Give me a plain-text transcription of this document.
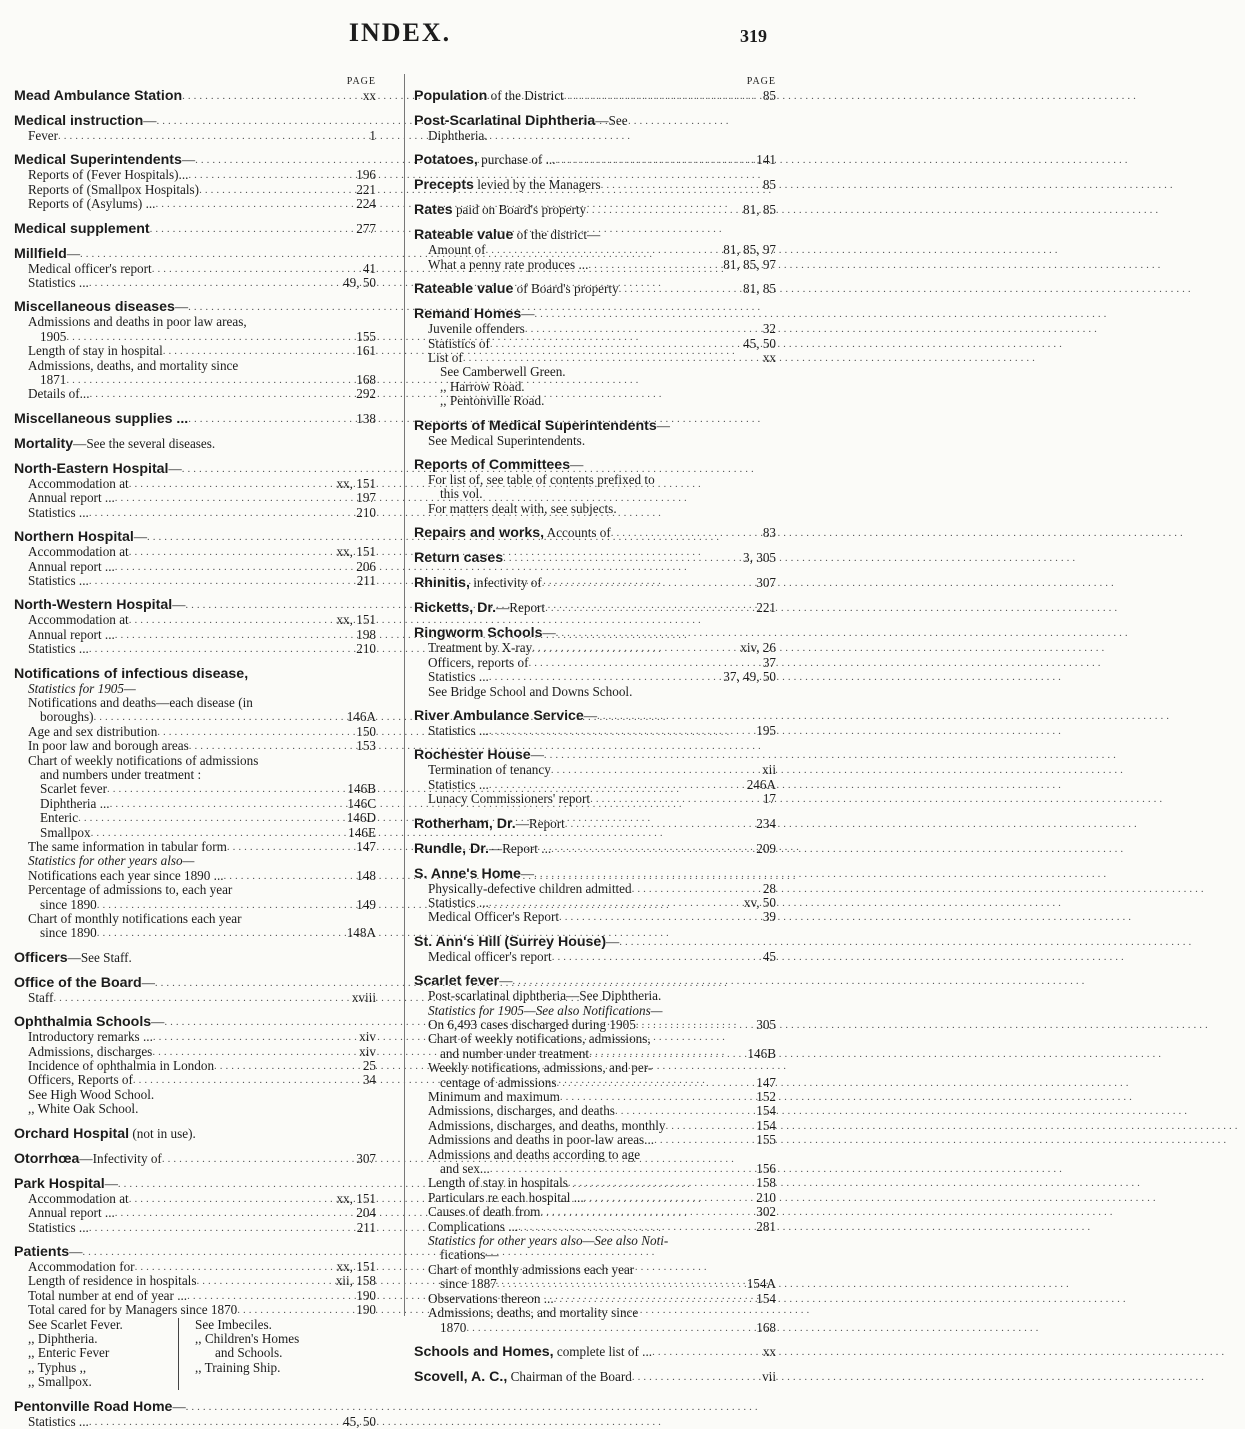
INDEX.	319
PAGE
Mead Ambulance Station .....	xx
Medical instruction—
.....
Fever .....	1
Medical Superintendents—
.....
Reports of (Fever Hospitals)... .....	196
Reports of (Smallpox Hospitals) .....	221
Reports of (Asylums) ... .....	224
Medical supplement .....	277
Millfield—
.....
Medical officer's report .....	41
Statistics ... .....	49, 50
Miscellaneous diseases—
.....
Admissions and deaths in poor law areas,
1905 .....	155
Length of stay in hospital .....	161
Admissions, deaths, and mortality since
1871 .....	168
Details of... .....	292
Miscellaneous supplies ... .....	138
Mortality—See the several diseases.
North-Eastern Hospital—
.....
Accommodation at .....	xx, 151
Annual report ... .....	197
Statistics ... .....	210
Northern Hospital—
.....
Accommodation at .....	xx, 151
Annual report ... .....	206
Statistics ... .....	211
North-Western Hospital—
.....
Accommodation at .....	xx, 151
Annual report ... .....	198
Statistics ... .....	210
Notifications of infectious disease,
Statistics for 1905—
Notifications and deaths—each disease (in
boroughs) .....	146A
Age and sex distribution .....	150
In poor law and borough areas .....	153
Chart of weekly notifications of admissions
and numbers under treatment :
Scarlet fever .....	146B
Diphtheria ... .....	146C
Enteric .....	146D
Smallpox .....	146E
The same information in tabular form .....	147
Statistics for other years also—
Notifications each year since 1890 ... .....	148
Percentage of admissions to, each year
since 1890 .....	149
Chart of monthly notifications each year
since 1890 .....	148A
Officers—See Staff.
Office of the Board—
.....
Staff .....	xviii
Ophthalmia Schools—
.....
Introductory remarks ... .....	xiv
Admissions, discharges .....	xiv
Incidence of ophthalmia in London .....	25
Officers, Reports of .....	34
See High Wood School.
,, White Oak School.
Orchard Hospital (not in use).
Otorrhœa—Infectivity of .....	307
Park Hospital—
.....
Accommodation at .....	xx, 151
Annual report ... .....	204
Statistics ... .....	211
Patients—
.....
Accommodation for .....	xx, 151
Length of residence in hospitals .....	xii, 158
Total number at end of year ... .....	190
Total cared for by Managers since 1870 .....	190
See Scarlet Fever.
,, Diphtheria.
,, Enteric Fever
,, Typhus ,,
,, Smallpox.
See Imbeciles.
,, Children's Homes
and Schools.
,, Training Ship.
Pentonville Road Home—
.....
Statistics ... .....	45, 50
PAGE
Population of the District .....	85
Post-Scarlatinal Diphtheria—See
Diphtheria.
Potatoes, purchase of ... .....	141
Precepts levied by the Managers .....	85
Rates paid on Board's property .....	81, 85
Rateable value of the district—
Amount of .....	81, 85, 97
What a penny rate produces ... .....	81, 85, 97
Rateable value of Board's property .....	81, 85
Remand Homes—
.....
Juvenile offenders .....	32
Statistics of .....	45, 50
List of .....	xx
See Camberwell Green.
,, Harrow Road.
,, Pentonville Road.
Reports of Medical Superintendents—
See Medical Superintendents.
Reports of Committees—
For list of, see table of contents prefixed to
this vol.
For matters dealt with, see subjects.
Repairs and works, Accounts of .....	83
Return cases .....	3, 305
Rhinitis, infectivity of .....	307
Ricketts, Dr.—Report .....	221
Ringworm Schools—
.....
Treatment by X-ray .....	xiv, 26
Officers, reports of .....	37
Statistics ... .....	37, 49, 50
See Bridge School and Downs School.
River Ambulance Service—
.....
Statistics ... .....	195
Rochester House—
.....
Termination of tenancy .....	xii
Statistics ... .....	246A
Lunacy Commissioners' report .....	17
Rotherham, Dr.—Report .....	234
Rundle, Dr.—Report ... .....	209
S. Anne's Home—
.....
Physically-defective children admitted .....	28
Statistics ... .....	xv, 50
Medical Officer's Report .....	39
St. Ann's Hill (Surrey House)—
.....
Medical officer's report .....	45
Scarlet fever—
.....
Post-scarlatinal diphtheria—See Diphtheria.
Statistics for 1905—See also Notifications—
On 6,493 cases discharged during 1905 .....	305
Chart of weekly notifications, admissions,
and number under treatment .....	146B
Weekly notifications, admissions, and per-
centage of admissions .....	147
Minimum and maximum .....	152
Admissions, discharges, and deaths .....	154
Admissions, discharges, and deaths, monthly .....	154
Admissions and deaths in poor-law areas... .....	155
Admissions and deaths according to age
and sex... .....	156
Length of stay in hospitals .....	158
Particulars re each hospital ... .....	210
Causes of death from .....	302
Complications ... .....	281
Statistics for other years also—See also Noti-
fications—
Chart of monthly admissions each year
since 1887 .....	154A
Observations thereon ... .....	154
Admissions, deaths, and mortality since
1870 .....	168
Schools and Homes, complete list of ... .....	xx
Scovell, A. C., Chairman of the Board .....	vii
